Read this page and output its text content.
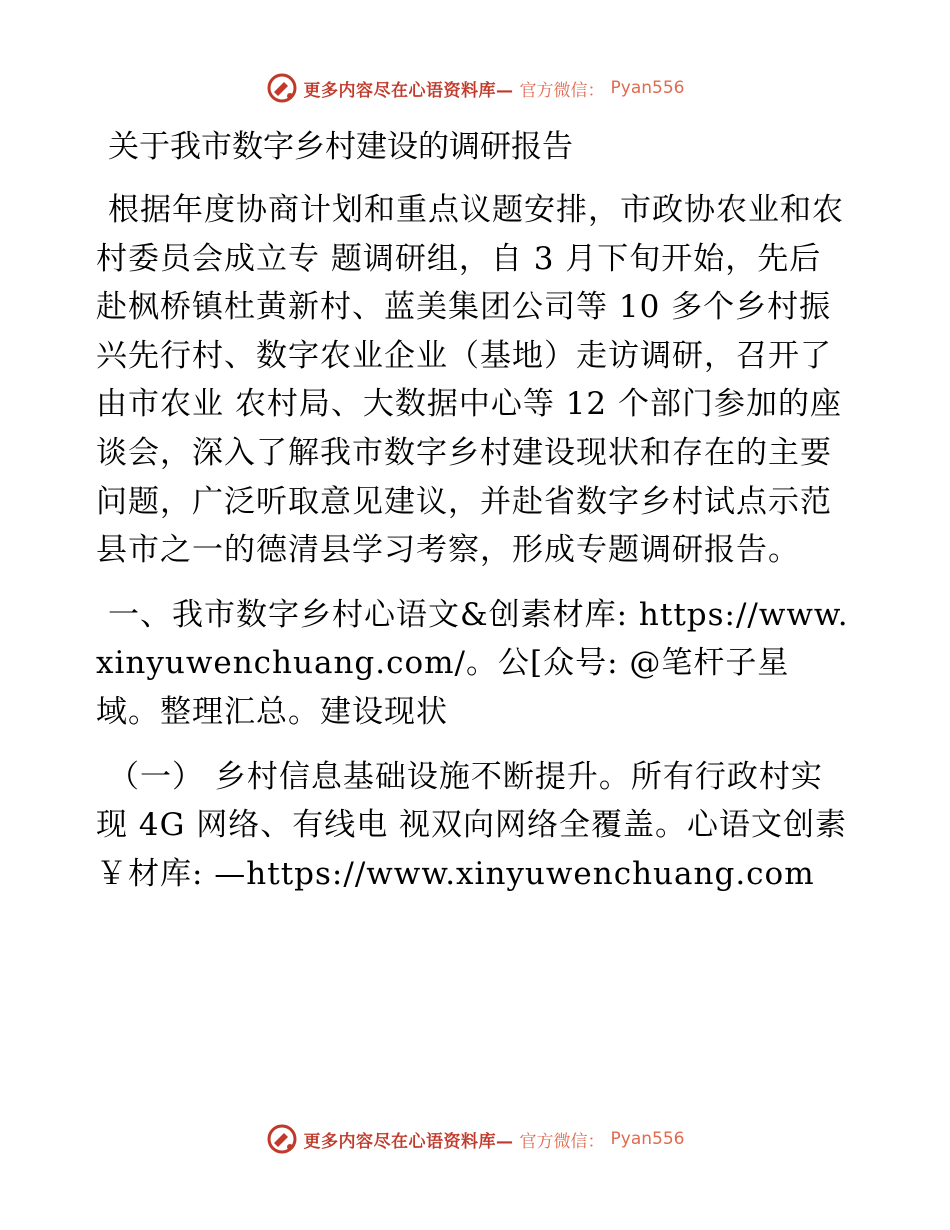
更多内容尽在心语资料库— 官方微信： Pyan556
关于我市数字乡村建设的调研报告

根据年度协商计划和重点议题安排，市政协农业和农村委员会成立专 题调研组，自 3 月下旬开始，先后赴枫桥镇杜黄新村、蓝美集团公司等 10 多个乡村振兴先行村、数字农业企业（基地）走访调研，召开了由市农业 农村局、大数据中心等 12 个部门参加的座谈会，深入了解我市数字乡村建设现状和存在的主要问题，广泛听取意见建议，并赴省数字乡村试点示范县市之一的德清县学习考察，形成专题调研报告。

一、我市数字乡村心语文&创素材库: https://www.xinyuwenchuang.com/。公[众号: @笔杆子星域。整理汇总。建设现状

（一） 乡村信息基础设施不断提升。所有行政村实现 4G 网络、有线电 视双向网络全覆盖。心语文创素￥材库: —https://www.xinyuwenchuang.com

更多内容尽在心语资料库— 官方微信： Pyan556
